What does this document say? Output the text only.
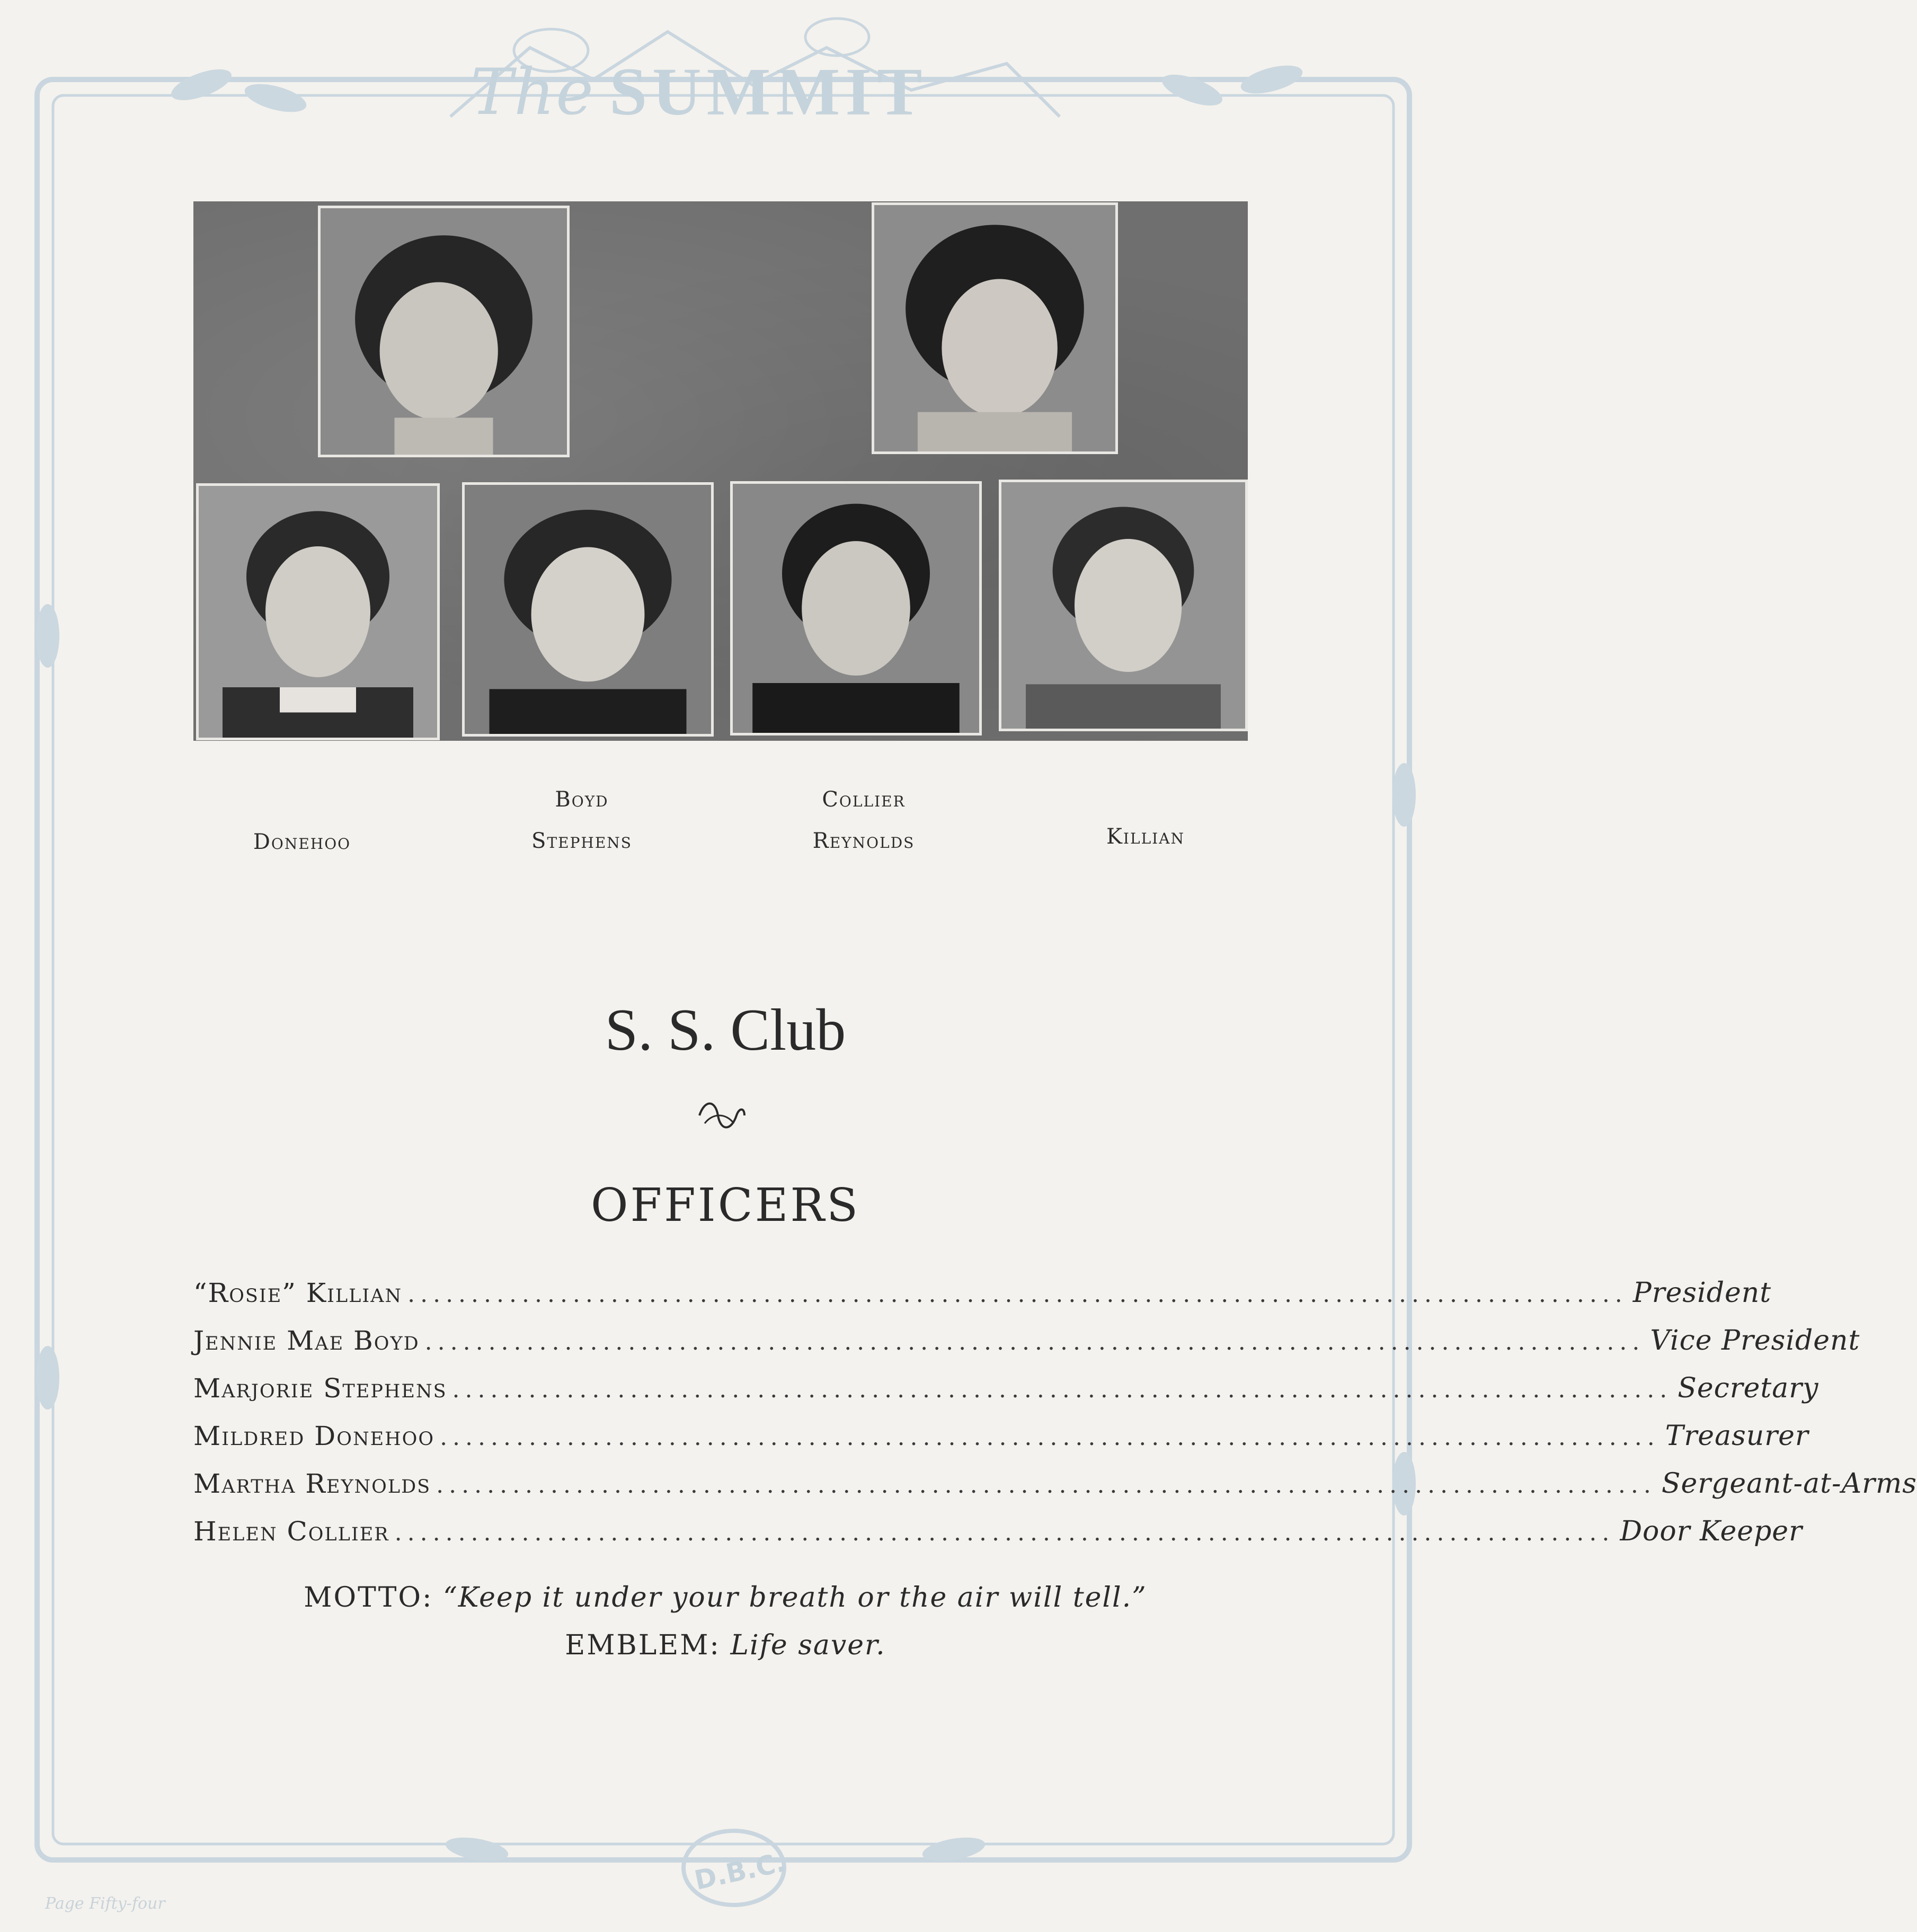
The SUMMIT
Donehoo
Boyd
Stephens
Collier
Reynolds	Killian
S. S. Club
OFFICERS
“Rosie” Killian ................................................................................................ President
Jennie Mae Boyd ................................................................................................ Vice President
Marjorie Stephens ................................................................................................ Secretary
Mildred Donehoo ................................................................................................ Treasurer
Martha Reynolds ................................................................................................ Sergeant-at-Arms
Helen Collier ................................................................................................ Door Keeper
MOTTO: “Keep it under your breath or the air will tell.”
EMBLEM: Life saver.
D.B.C.
Page Fifty-four
